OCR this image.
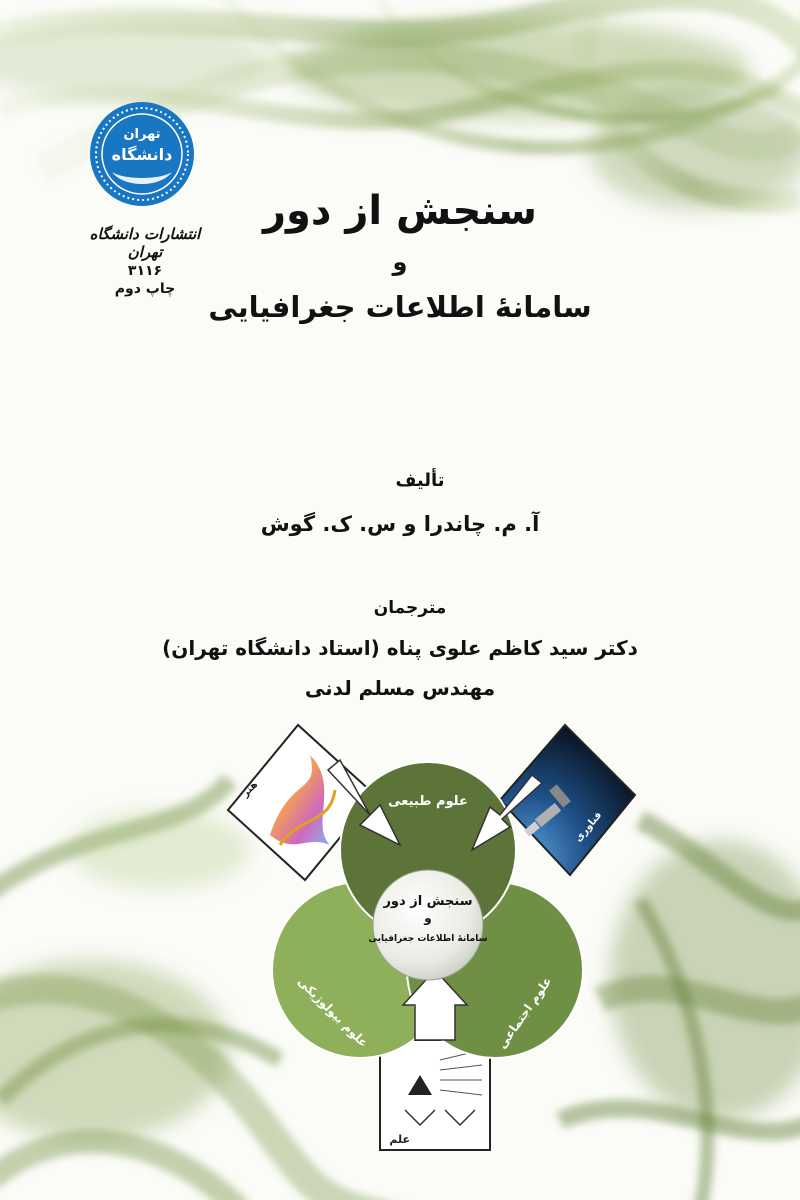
تهران
دانشگاه
انتشارات دانشگاه تهران
۳۱۱۶
چاپ دوم
سنجش از دور
و
سامانهٔ اطلاعات جغرافیایی
تألیف
آ. م. چاندرا و س. ک. گوش
مترجمان
دکتر سید کاظم علوی پناه (استاد دانشگاه تهران)
مهندس مسلم لدنی
هنر
فناوری
علم
سنجش از دور
و
سامانهٔ اطلاعات جغرافیایی
علوم طبیعی
علوم بیولوژیکی	علوم اجتماعی
